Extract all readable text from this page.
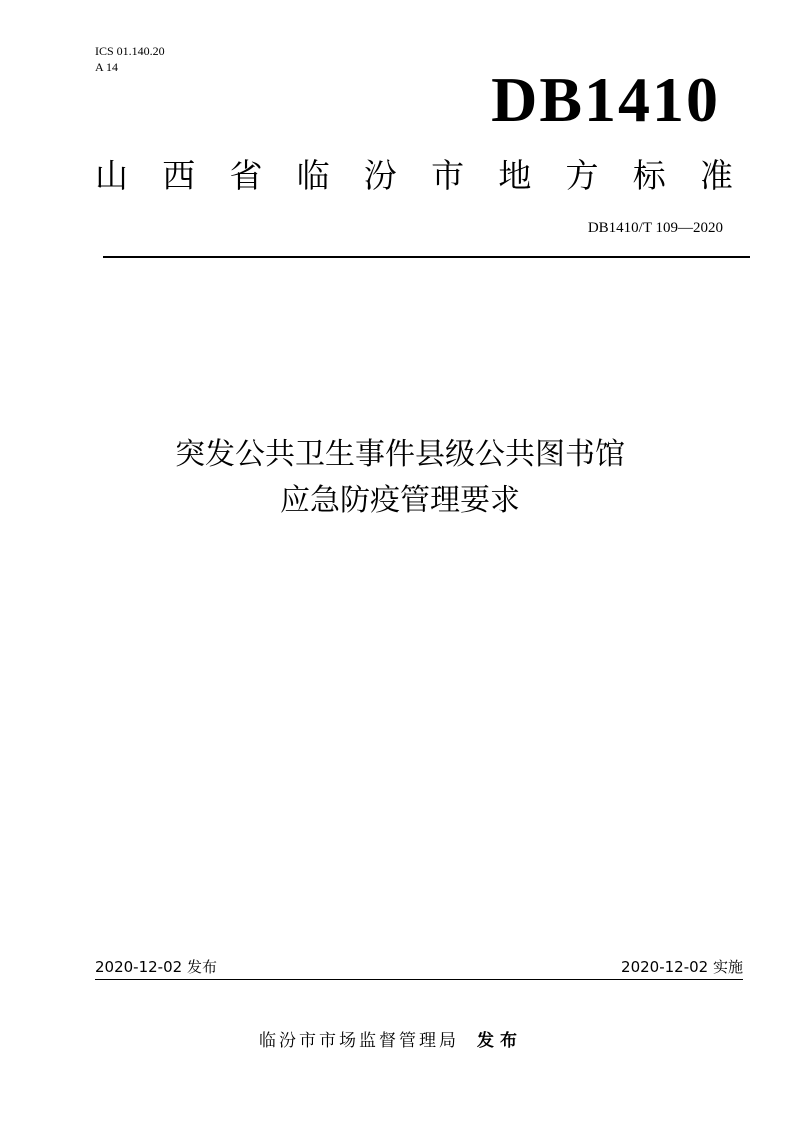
ICS 01.140.20
A 14	DB1410
山 西 省 临 汾 市 地 方 标 准
DB1410/T 109—2020
突发公共卫生事件县级公共图书馆
应急防疫管理要求
2020-12-02 发布	2020-12-02 实施
临汾市市场监督管理局 发布
